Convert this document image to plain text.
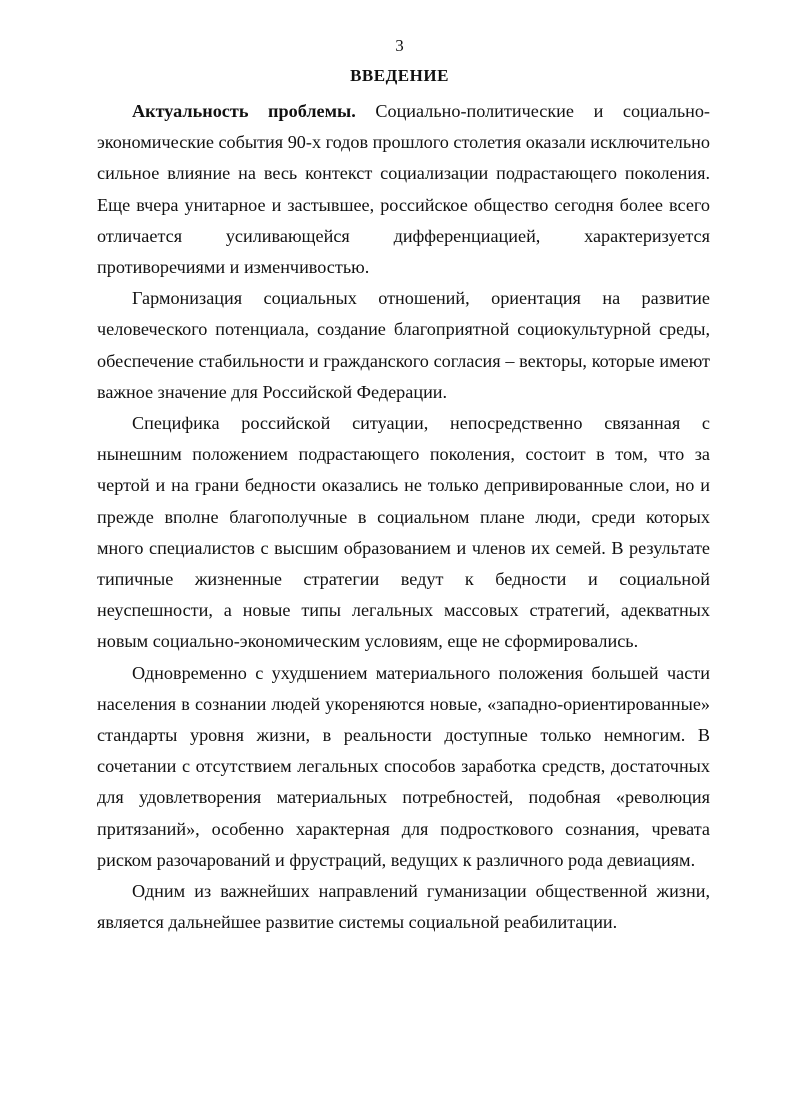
3
ВВЕДЕНИЕ

Актуальность проблемы. Социально-политические и социально-экономические события 90-х годов прошлого столетия оказали исключительно сильное влияние на весь контекст социализации подрастающего поколения. Еще вчера унитарное и застывшее, российское общество сегодня более всего отличается усиливающейся дифференциацией, характеризуется противоречиями и изменчивостью.

Гармонизация социальных отношений, ориентация на развитие человеческого потенциала, создание благоприятной социокультурной среды, обеспечение стабильности и гражданского согласия – векторы, которые имеют важное значение для Российской Федерации.

Специфика российской ситуации, непосредственно связанная с нынешним положением подрастающего поколения, состоит в том, что за чертой и на грани бедности оказались не только депривированные слои, но и прежде вполне благополучные в социальном плане люди, среди которых много специалистов с высшим образованием и членов их семей. В результате типичные жизненные стратегии ведут к бедности и социальной неуспешности, а новые типы легальных массовых стратегий, адекватных новым социально-экономическим условиям, еще не сформировались.

Одновременно с ухудшением материального положения большей части населения в сознании людей укореняются новые, «западно-ориентированные» стандарты уровня жизни, в реальности доступные только немногим. В сочетании с отсутствием легальных способов заработка средств, достаточных для удовлетворения материальных потребностей, подобная «революция притязаний», особенно характерная для подросткового сознания, чревата риском разочарований и фрустраций, ведущих к различного рода девиациям.

Одним из важнейших направлений гуманизации общественной жизни, является дальнейшее развитие системы социальной реабилитации.
